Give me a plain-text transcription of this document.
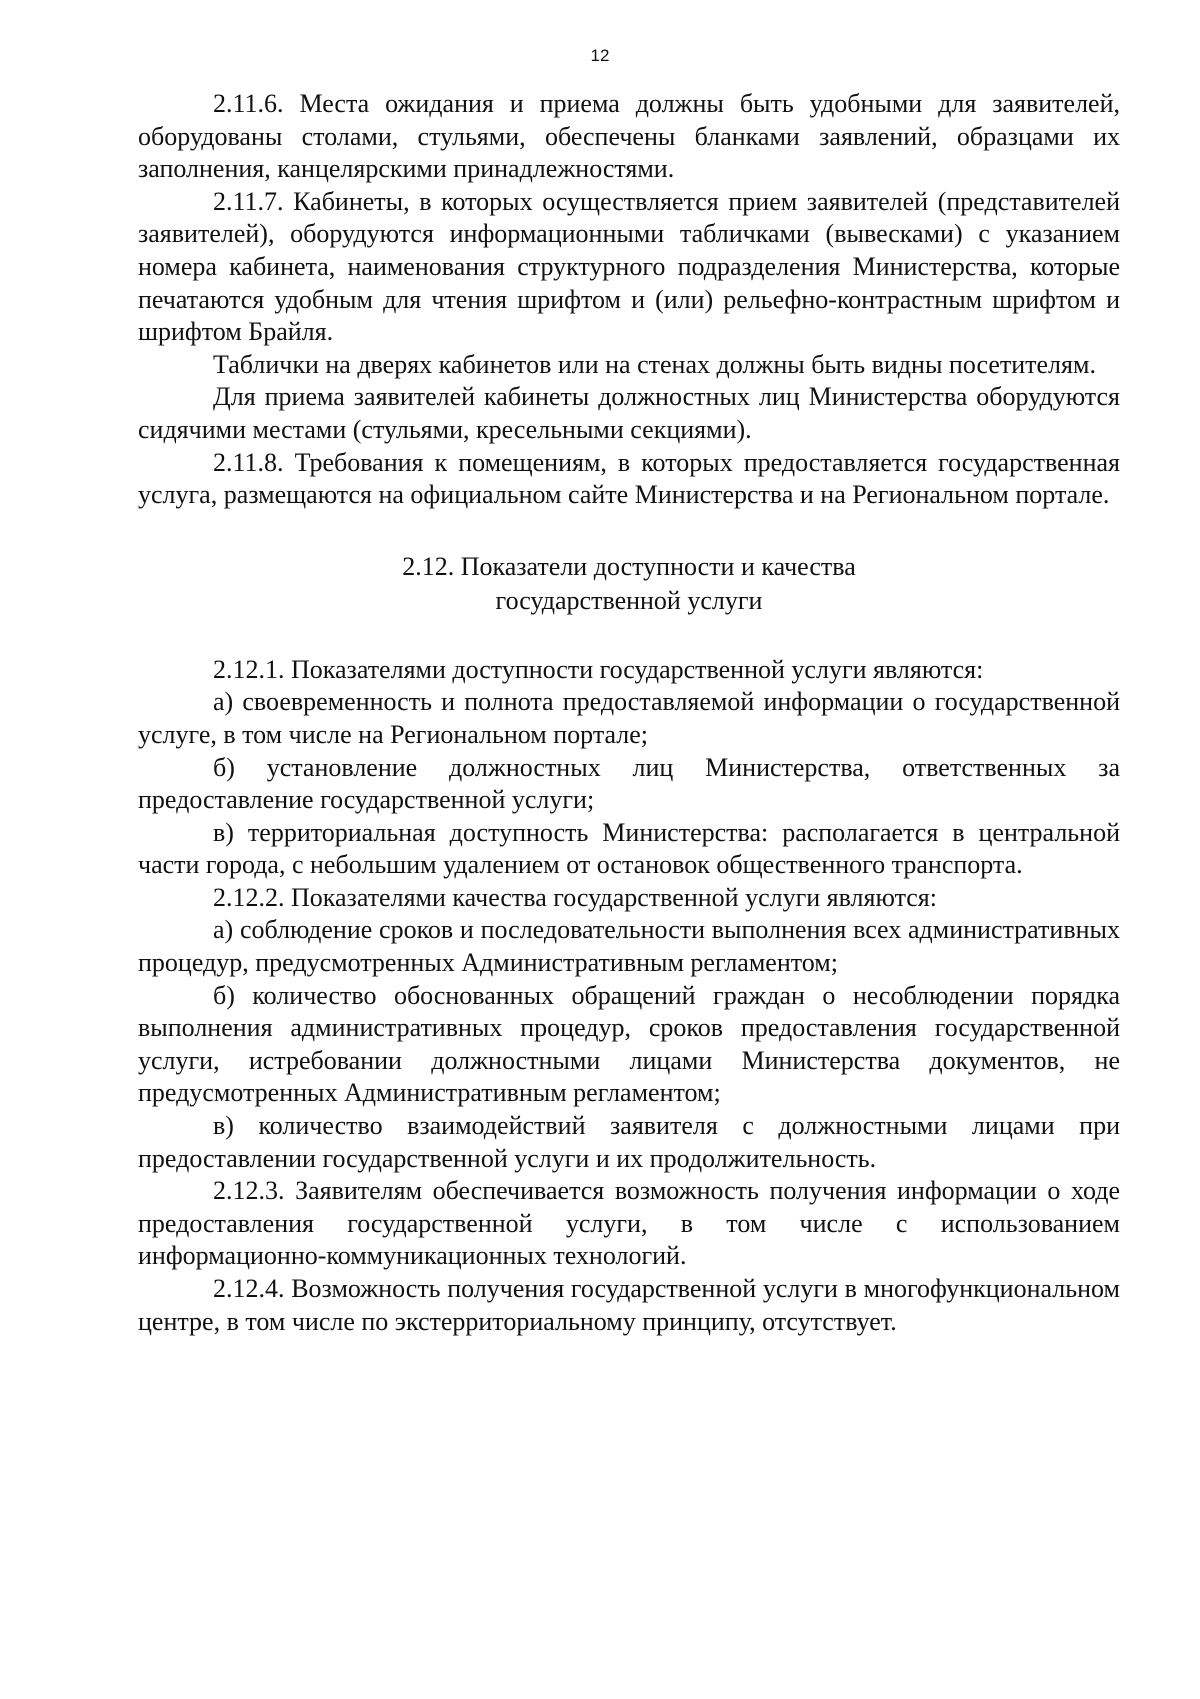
12

2.11.6. Места ожидания и приема должны быть удобными для заявителей, оборудованы столами, стульями, обеспечены бланками заявлений, образцами их заполнения, канцелярскими принадлежностями.

2.11.7. Кабинеты, в которых осуществляется прием заявителей (представителей заявителей), оборудуются информационными табличками (вывесками) с указанием номера кабинета, наименования структурного подразделения Министерства, которые печатаются удобным для чтения шрифтом и (или) рельефно-контрастным шрифтом и шрифтом Брайля.

Таблички на дверях кабинетов или на стенах должны быть видны посетителям.

Для приема заявителей кабинеты должностных лиц Министерства оборудуются сидячими местами (стульями, кресельными секциями).

2.11.8. Требования к помещениям, в которых предоставляется государственная услуга, размещаются на официальном сайте Министерства и на Региональном портале.

2.12. Показатели доступности и качества
государственной услуги

2.12.1. Показателями доступности государственной услуги являются:

а) своевременность и полнота предоставляемой информации о государственной услуге, в том числе на Региональном портале;

б) установление должностных лиц Министерства, ответственных за предоставление государственной услуги;

в) территориальная доступность Министерства: располагается в центральной части города, с небольшим удалением от остановок общественного транспорта.

2.12.2. Показателями качества государственной услуги являются:

а) соблюдение сроков и последовательности выполнения всех административных процедур, предусмотренных Административным регламентом;

б) количество обоснованных обращений граждан о несоблюдении порядка выполнения административных процедур, сроков предоставления государственной услуги, истребовании должностными лицами Министерства документов, не предусмотренных Административным регламентом;

в) количество взаимодействий заявителя с должностными лицами при предоставлении государственной услуги и их продолжительность.

2.12.3. Заявителям обеспечивается возможность получения информации о ходе предоставления государственной услуги, в том числе с использованием информационно-коммуникационных технологий.

2.12.4. Возможность получения государственной услуги в многофункциональном центре, в том числе по экстерриториальному принципу, отсутствует.
